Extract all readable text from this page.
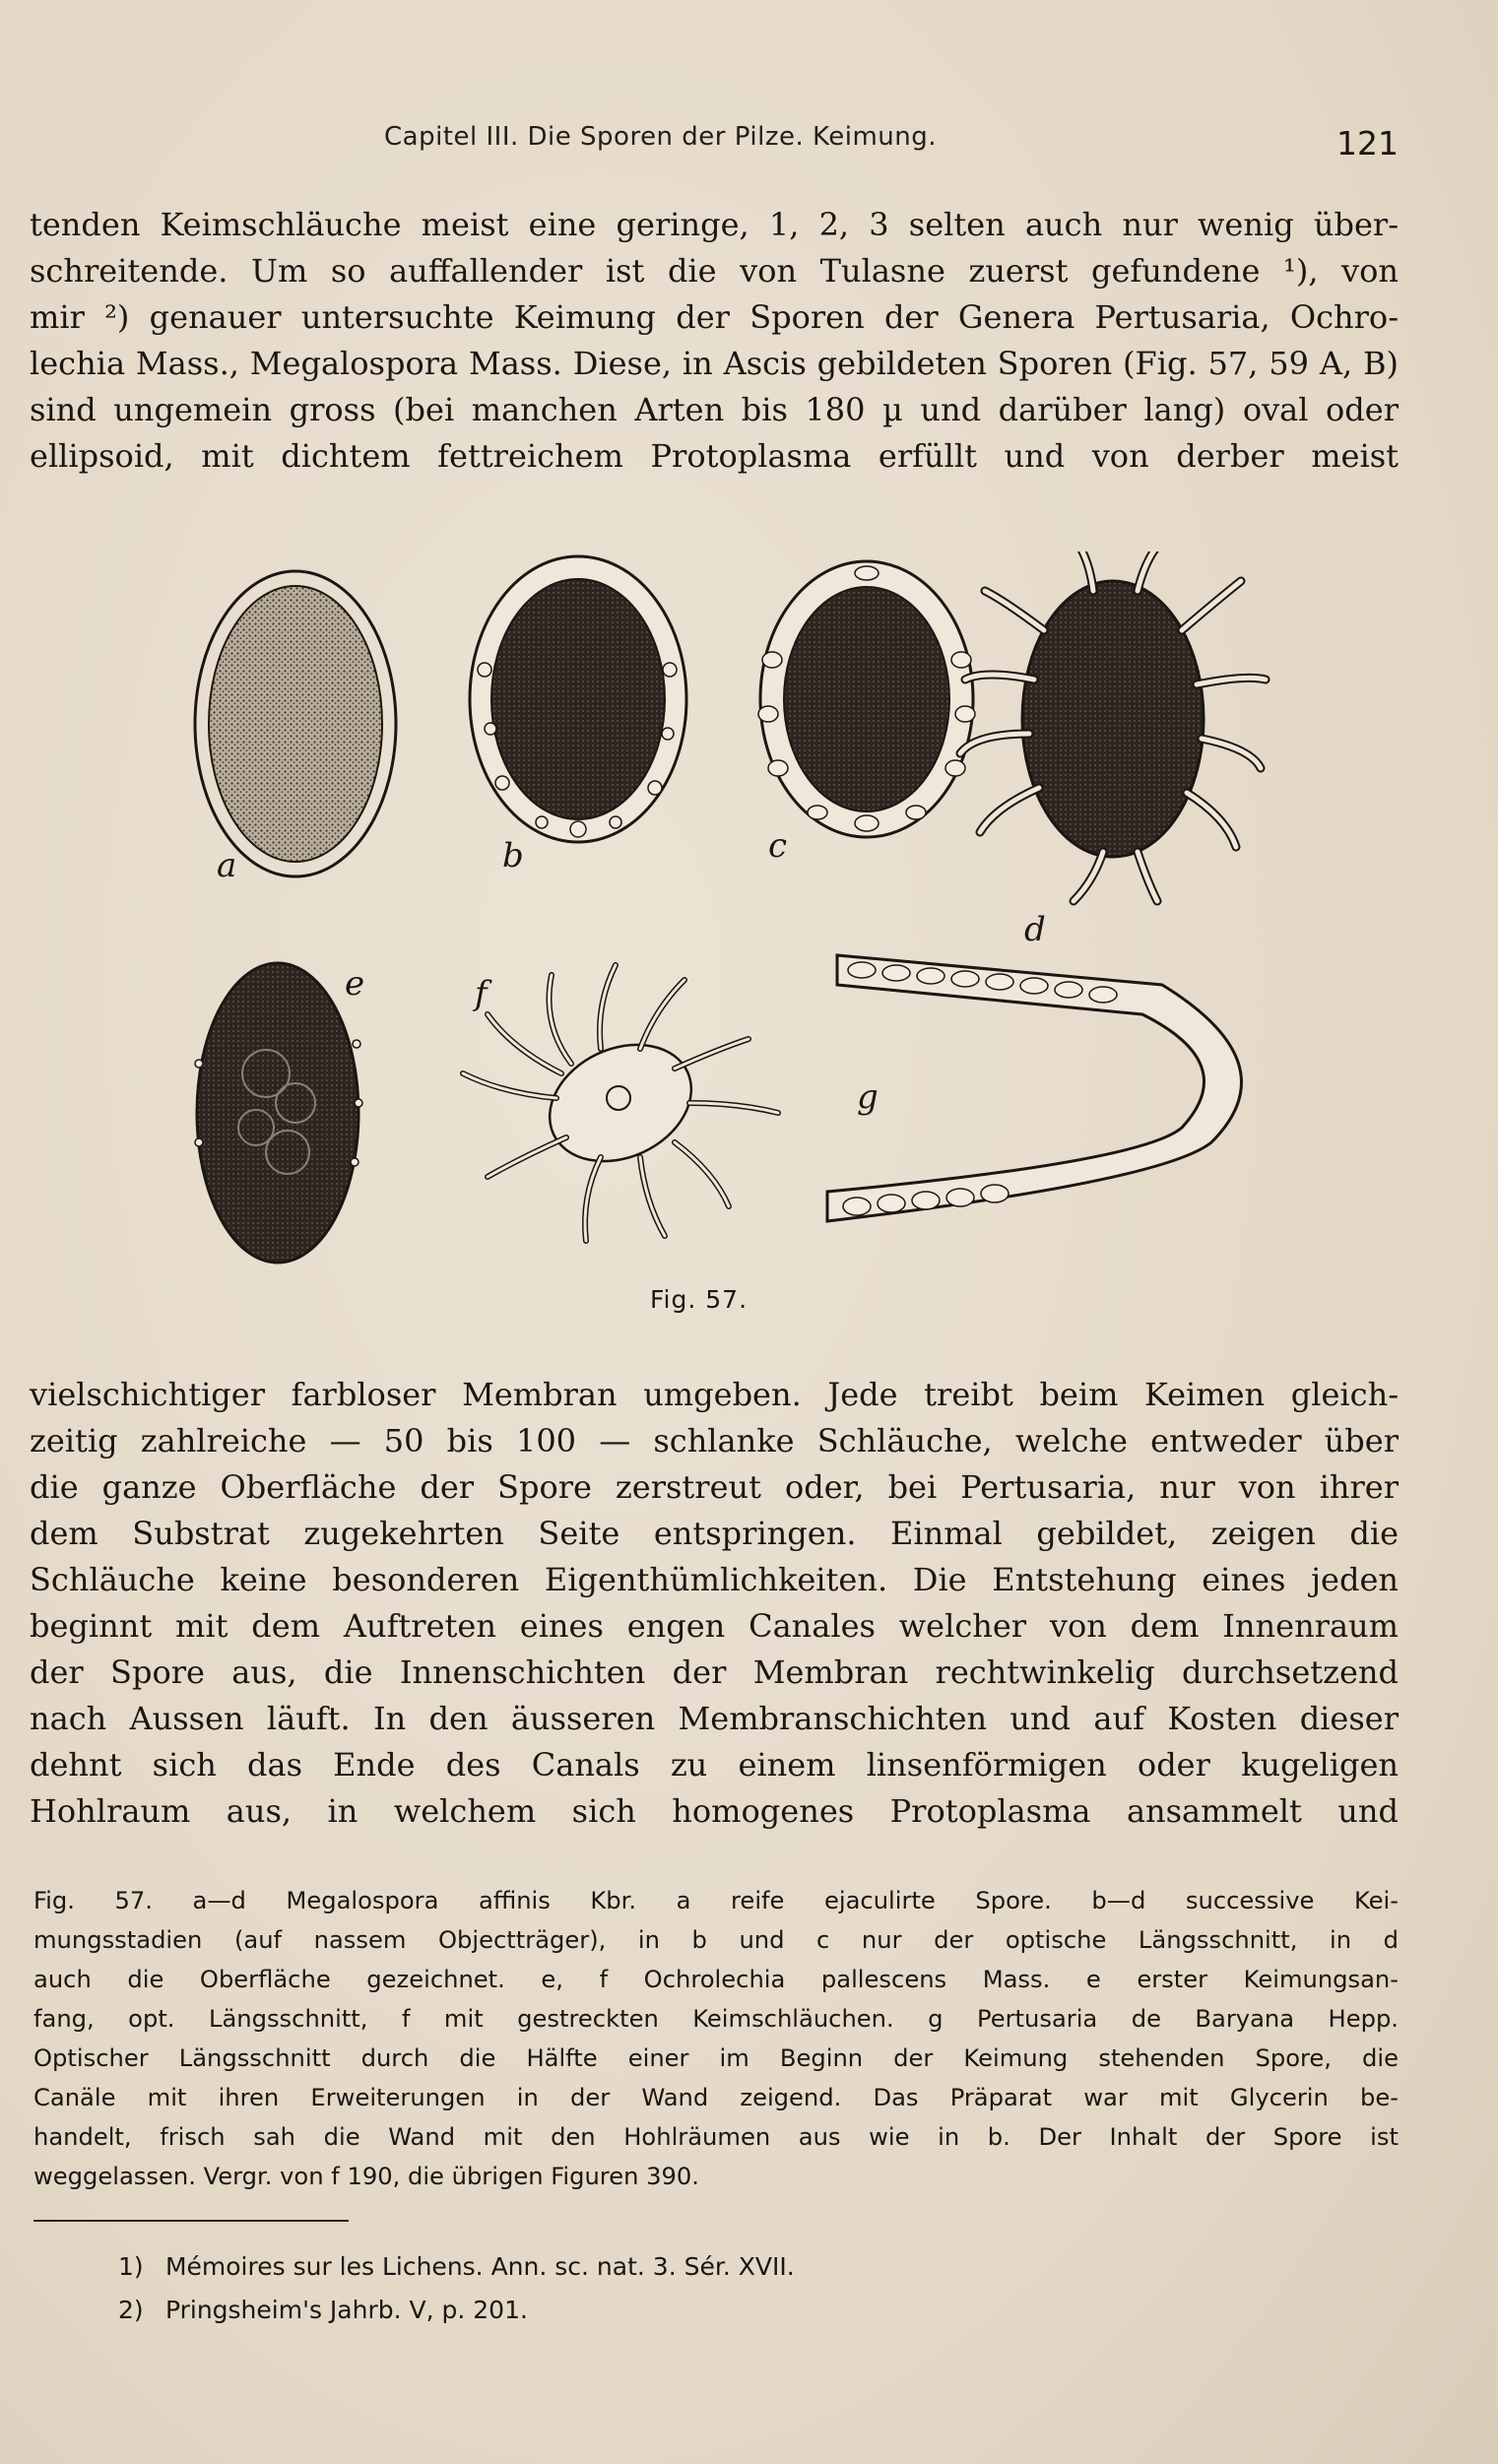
Capitel III. Die Sporen der Pilze. Keimung.	121
tenden Keimschläuche meist eine geringe, 1, 2, 3 selten auch nur wenig über-
schreitende. Um so auffallender ist die von Tulasne zuerst gefundene ¹), von
mir ²) genauer untersuchte Keimung der Sporen der Genera Pertusaria, Ochro-
lechia Mass., Megalospora Mass. Diese, in Ascis gebildeten Sporen (Fig. 57, 59 A, B)
sind ungemein gross (bei manchen Arten bis 180 µ und darüber lang) oval oder
ellipsoid, mit dichtem fettreichem Protoplasma erfüllt und von derber meist
a	b	c
d
e	f
g
Fig. 57.
vielschichtiger farbloser Membran umgeben. Jede treibt beim Keimen gleich-
zeitig zahlreiche — 50 bis 100 — schlanke Schläuche, welche entweder über
die ganze Oberfläche der Spore zerstreut oder, bei Pertusaria, nur von ihrer
dem Substrat zugekehrten Seite entspringen. Einmal gebildet, zeigen die
Schläuche keine besonderen Eigenthümlichkeiten. Die Entstehung eines jeden
beginnt mit dem Auftreten eines engen Canales welcher von dem Innenraum
der Spore aus, die Innenschichten der Membran rechtwinkelig durchsetzend
nach Aussen läuft. In den äusseren Membranschichten und auf Kosten dieser
dehnt sich das Ende des Canals zu einem linsenförmigen oder kugeligen
Hohlraum aus, in welchem sich homogenes Protoplasma ansammelt und
Fig. 57. a—d Megalospora affinis Kbr. a reife ejaculirte Spore. b—d successive Kei-
mungsstadien (auf nassem Objectträger), in b und c nur der optische Längsschnitt, in d
auch die Oberfläche gezeichnet. e, f Ochrolechia pallescens Mass. e erster Keimungsan-
fang, opt. Längsschnitt, f mit gestreckten Keimschläuchen. g Pertusaria de Baryana Hepp.
Optischer Längsschnitt durch die Hälfte einer im Beginn der Keimung stehenden Spore, die
Canäle mit ihren Erweiterungen in der Wand zeigend. Das Präparat war mit Glycerin be-
handelt, frisch sah die Wand mit den Hohlräumen aus wie in b. Der Inhalt der Spore ist
weggelassen. Vergr. von f 190, die übrigen Figuren 390.
1) Mémoires sur les Lichens. Ann. sc. nat. 3. Sér. XVII.
2) Pringsheim's Jahrb. V, p. 201.
